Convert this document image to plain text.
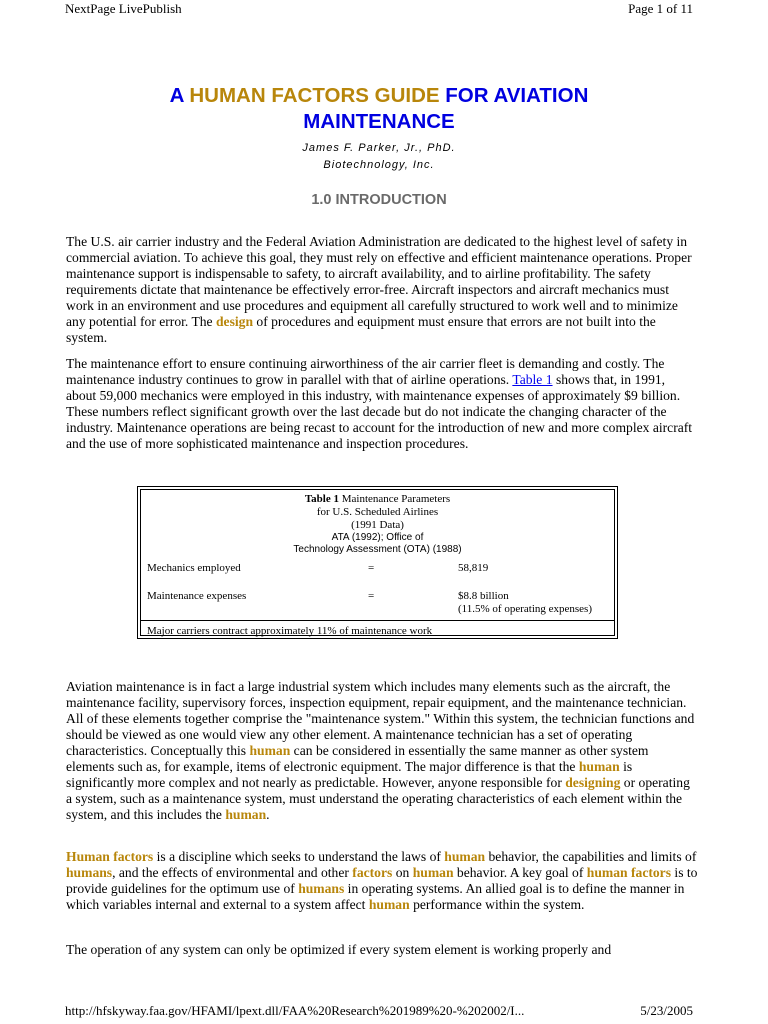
NextPage LivePublish	Page 1 of 11
A HUMAN FACTORS GUIDE FOR AVIATION
MAINTENANCE
James F. Parker, Jr., PhD.
Biotechnology, Inc.
1.0 INTRODUCTION

The U.S. air carrier industry and the Federal Aviation Administration are dedicated to the highest level of safety in commercial aviation. To achieve this goal, they must rely on effective and efficient maintenance operations. Proper maintenance support is indispensable to safety, to aircraft availability, and to airline profitability. The safety requirements dictate that maintenance be effectively error-free. Aircraft inspectors and aircraft mechanics must work in an environment and use procedures and equipment all carefully structured to work well and to minimize any potential for error. The design of procedures and equipment must ensure that errors are not built into the system.

The maintenance effort to ensure continuing airworthiness of the air carrier fleet is demanding and costly. The maintenance industry continues to grow in parallel with that of airline operations. Table 1 shows that, in 1991, about 59,000 mechanics were employed in this industry, with maintenance expenses of approximately $9 billion. These numbers reflect significant growth over the last decade but do not indicate the changing character of the industry. Maintenance operations are being recast to account for the introduction of new and more complex aircraft and the use of more sophisticated maintenance and inspection procedures.

Table 1 Maintenance Parameters
for U.S. Scheduled Airlines
(1991 Data)
ATA (1992); Office of
Technology Assessment (OTA) (1988)
Mechanics employed	=	58,819
Maintenance expenses	=	$8.8 billion
(11.5% of operating expenses)
Major carriers contract approximately 11% of maintenance work

Aviation maintenance is in fact a large industrial system which includes many elements such as the aircraft, the maintenance facility, supervisory forces, inspection equipment, repair equipment, and the maintenance technician. All of these elements together comprise the "maintenance system." Within this system, the technician functions and should be viewed as one would view any other element. A maintenance technician has a set of operating characteristics. Conceptually this human can be considered in essentially the same manner as other system elements such as, for example, items of electronic equipment. The major difference is that the human is significantly more complex and not nearly as predictable. However, anyone responsible for designing or operating a system, such as a maintenance system, must understand the operating characteristics of each element within the system, and this includes the human.

Human factors is a discipline which seeks to understand the laws of human behavior, the capabilities and limits of humans, and the effects of environmental and other factors on human behavior. A key goal of human factors is to provide guidelines for the optimum use of humans in operating systems. An allied goal is to define the manner in which variables internal and external to a system affect human performance within the system.

The operation of any system can only be optimized if every system element is working properly and

http://hfskyway.faa.gov/HFAMI/lpext.dll/FAA%20Research%201989%20-%202002/I...	5/23/2005
